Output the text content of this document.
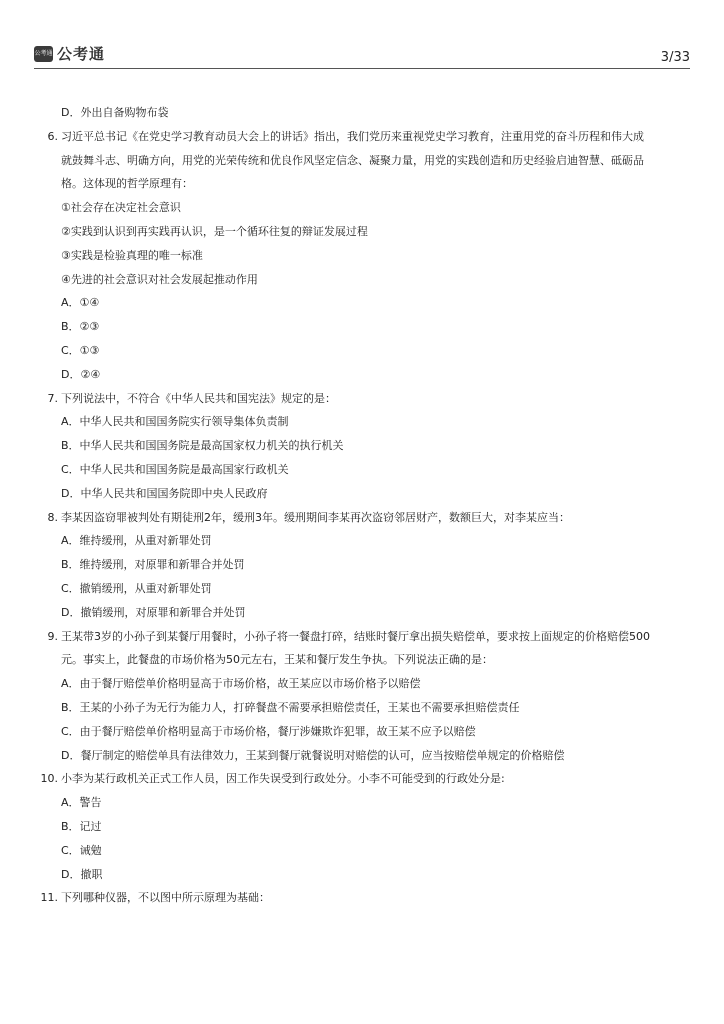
公考通 公考通	3/33
D．外出自备购物布袋
6. 习近平总书记《在党史学习教育动员大会上的讲话》指出，我们党历来重视党史学习教育，注重用党的奋斗历程和伟大成
就鼓舞斗志、明确方向，用党的光荣传统和优良作风坚定信念、凝聚力量，用党的实践创造和历史经验启迪智慧、砥砺品
格。这体现的哲学原理有：
①社会存在决定社会意识
②实践到认识到再实践再认识，是一个循环往复的辩证发展过程
③实践是检验真理的唯一标准
④先进的社会意识对社会发展起推动作用
A．①④
B．②③
C．①③
D．②④
7. 下列说法中，不符合《中华人民共和国宪法》规定的是：
A．中华人民共和国国务院实行领导集体负责制
B．中华人民共和国国务院是最高国家权力机关的执行机关
C．中华人民共和国国务院是最高国家行政机关
D．中华人民共和国国务院即中央人民政府
8. 李某因盗窃罪被判处有期徒刑2年，缓刑3年。缓刑期间李某再次盗窃邻居财产，数额巨大，对李某应当：
A．维持缓刑，从重对新罪处罚
B．维持缓刑，对原罪和新罪合并处罚
C．撤销缓刑，从重对新罪处罚
D．撤销缓刑，对原罪和新罪合并处罚
9. 王某带3岁的小孙子到某餐厅用餐时，小孙子将一餐盘打碎，结账时餐厅拿出损失赔偿单，要求按上面规定的价格赔偿500
元。事实上，此餐盘的市场价格为50元左右，王某和餐厅发生争执。下列说法正确的是：
A．由于餐厅赔偿单价格明显高于市场价格，故王某应以市场价格予以赔偿
B．王某的小孙子为无行为能力人，打碎餐盘不需要承担赔偿责任，王某也不需要承担赔偿责任
C．由于餐厅赔偿单价格明显高于市场价格，餐厅涉嫌欺诈犯罪，故王某不应予以赔偿
D．餐厅制定的赔偿单具有法律效力，王某到餐厅就餐说明对赔偿的认可，应当按赔偿单规定的价格赔偿
10. 小李为某行政机关正式工作人员，因工作失误受到行政处分。小李不可能受到的行政处分是:
A．警告
B．记过
C．诫勉
D．撤职
11. 下列哪种仪器，不以图中所示原理为基础：
